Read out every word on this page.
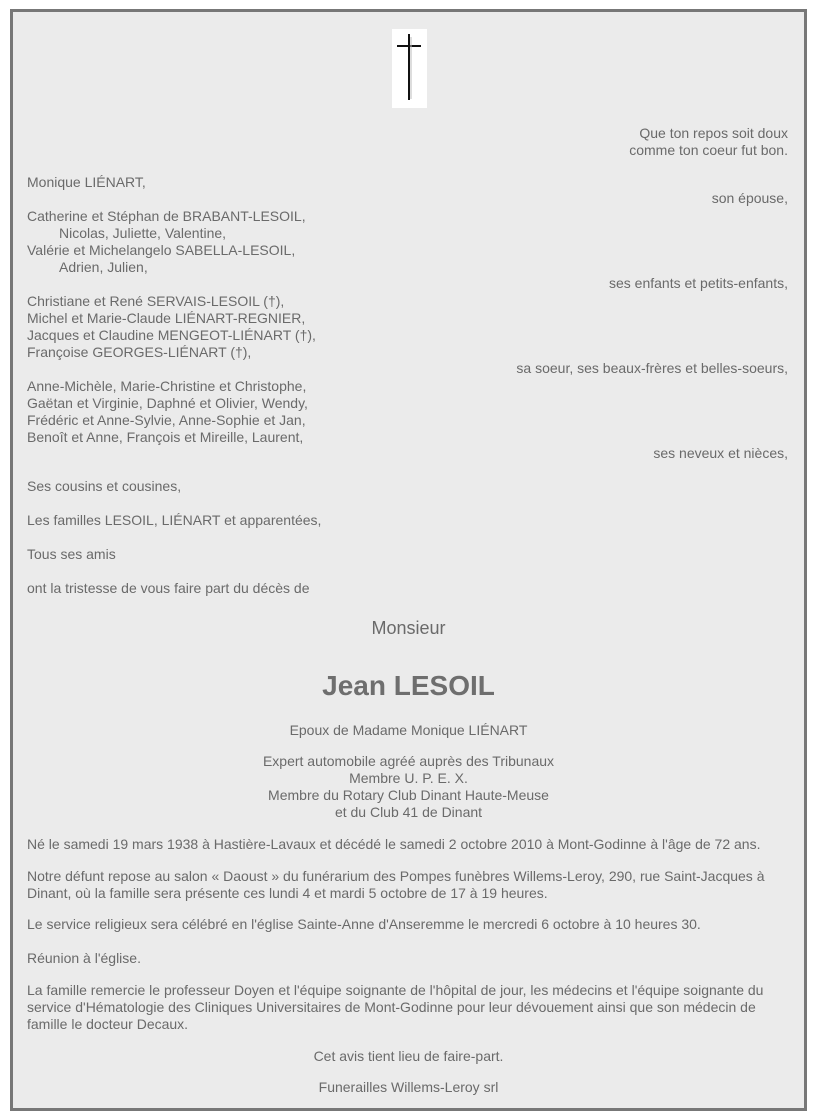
Que ton repos soit doux
comme ton coeur fut bon.
Monique LIÉNART,
son épouse,
Catherine et Stéphan de BRABANT-LESOIL,
Nicolas, Juliette, Valentine,
Valérie et Michelangelo SABELLA-LESOIL,
Adrien, Julien,
ses enfants et petits-enfants,
Christiane et René SERVAIS-LESOIL (†),
Michel et Marie-Claude LIÉNART-REGNIER,
Jacques et Claudine MENGEOT-LIÉNART (†),
Françoise GEORGES-LIÉNART (†),
sa soeur, ses beaux-frères et belles-soeurs,
Anne-Michèle, Marie-Christine et Christophe,
Gaëtan et Virginie, Daphné et Olivier, Wendy,
Frédéric et Anne-Sylvie, Anne-Sophie et Jan,
Benoît et Anne, François et Mireille, Laurent,
ses neveux et nièces,
Ses cousins et cousines,
Les familles LESOIL, LIÉNART et apparentées,
Tous ses amis
ont la tristesse de vous faire part du décès de
Monsieur
Jean LESOIL
Epoux de Madame Monique LIÉNART
Expert automobile agréé auprès des Tribunaux
Membre U. P. E. X.
Membre du Rotary Club Dinant Haute-Meuse
et du Club 41 de Dinant
Né le samedi 19 mars 1938 à Hastière-Lavaux et décédé le samedi 2 octobre 2010 à Mont-Godinne à l'âge de 72 ans.
Notre défunt repose au salon « Daoust » du funérarium des Pompes funèbres Willems-Leroy, 290, rue Saint-Jacques à Dinant, où la famille sera présente ces lundi 4 et mardi 5 octobre de 17 à 19 heures.
Le service religieux sera célébré en l'église Sainte-Anne d'Anseremme le mercredi 6 octobre à 10 heures 30.
Réunion à l'église.
La famille remercie le professeur Doyen et l'équipe soignante de l'hôpital de jour, les médecins et l'équipe soignante du service d'Hématologie des Cliniques Universitaires de Mont-Godinne pour leur dévouement ainsi que son médecin de famille le docteur Decaux.
Cet avis tient lieu de faire-part.
Funerailles Willems-Leroy srl
